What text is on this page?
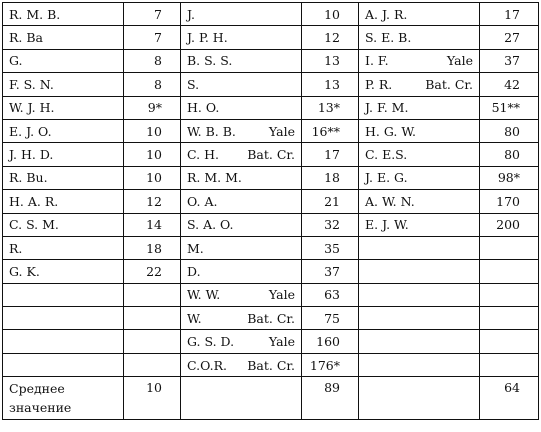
R. M. B.	7	J.	10	A. J. R.	17
R. Ba	7	J. P. H.	12	S. E. B.	27
G.	8	B. S. S.	13	I. F. Yale	37
F. S. N.	8	S.	13	P. R. Bat. Cr.	42
W. J. H.	9*	H. O.	13*	J. F. M.	51**
E. J. O.	10	W. B. B. Yale	16**	H. G. W.	80
J. H. D.	10	C. H. Bat. Cr.	17	C. E.S.	80
R. Bu.	10	R. M. M.	18	J. E. G.	98*
H. A. R.	12	O. A.	21	A. W. N.	170
C. S. M.	14	S. A. O.	32	E. J. W.	200
R.	18	M.	35		
G. K.	22	D.	37		

		W. W. Yale	63		

		W. Bat. Cr.	75		

		G. S. D. Yale	160		

		C.O.R. Bat. Cr.	176*		
Среднее значение	10		89		64
